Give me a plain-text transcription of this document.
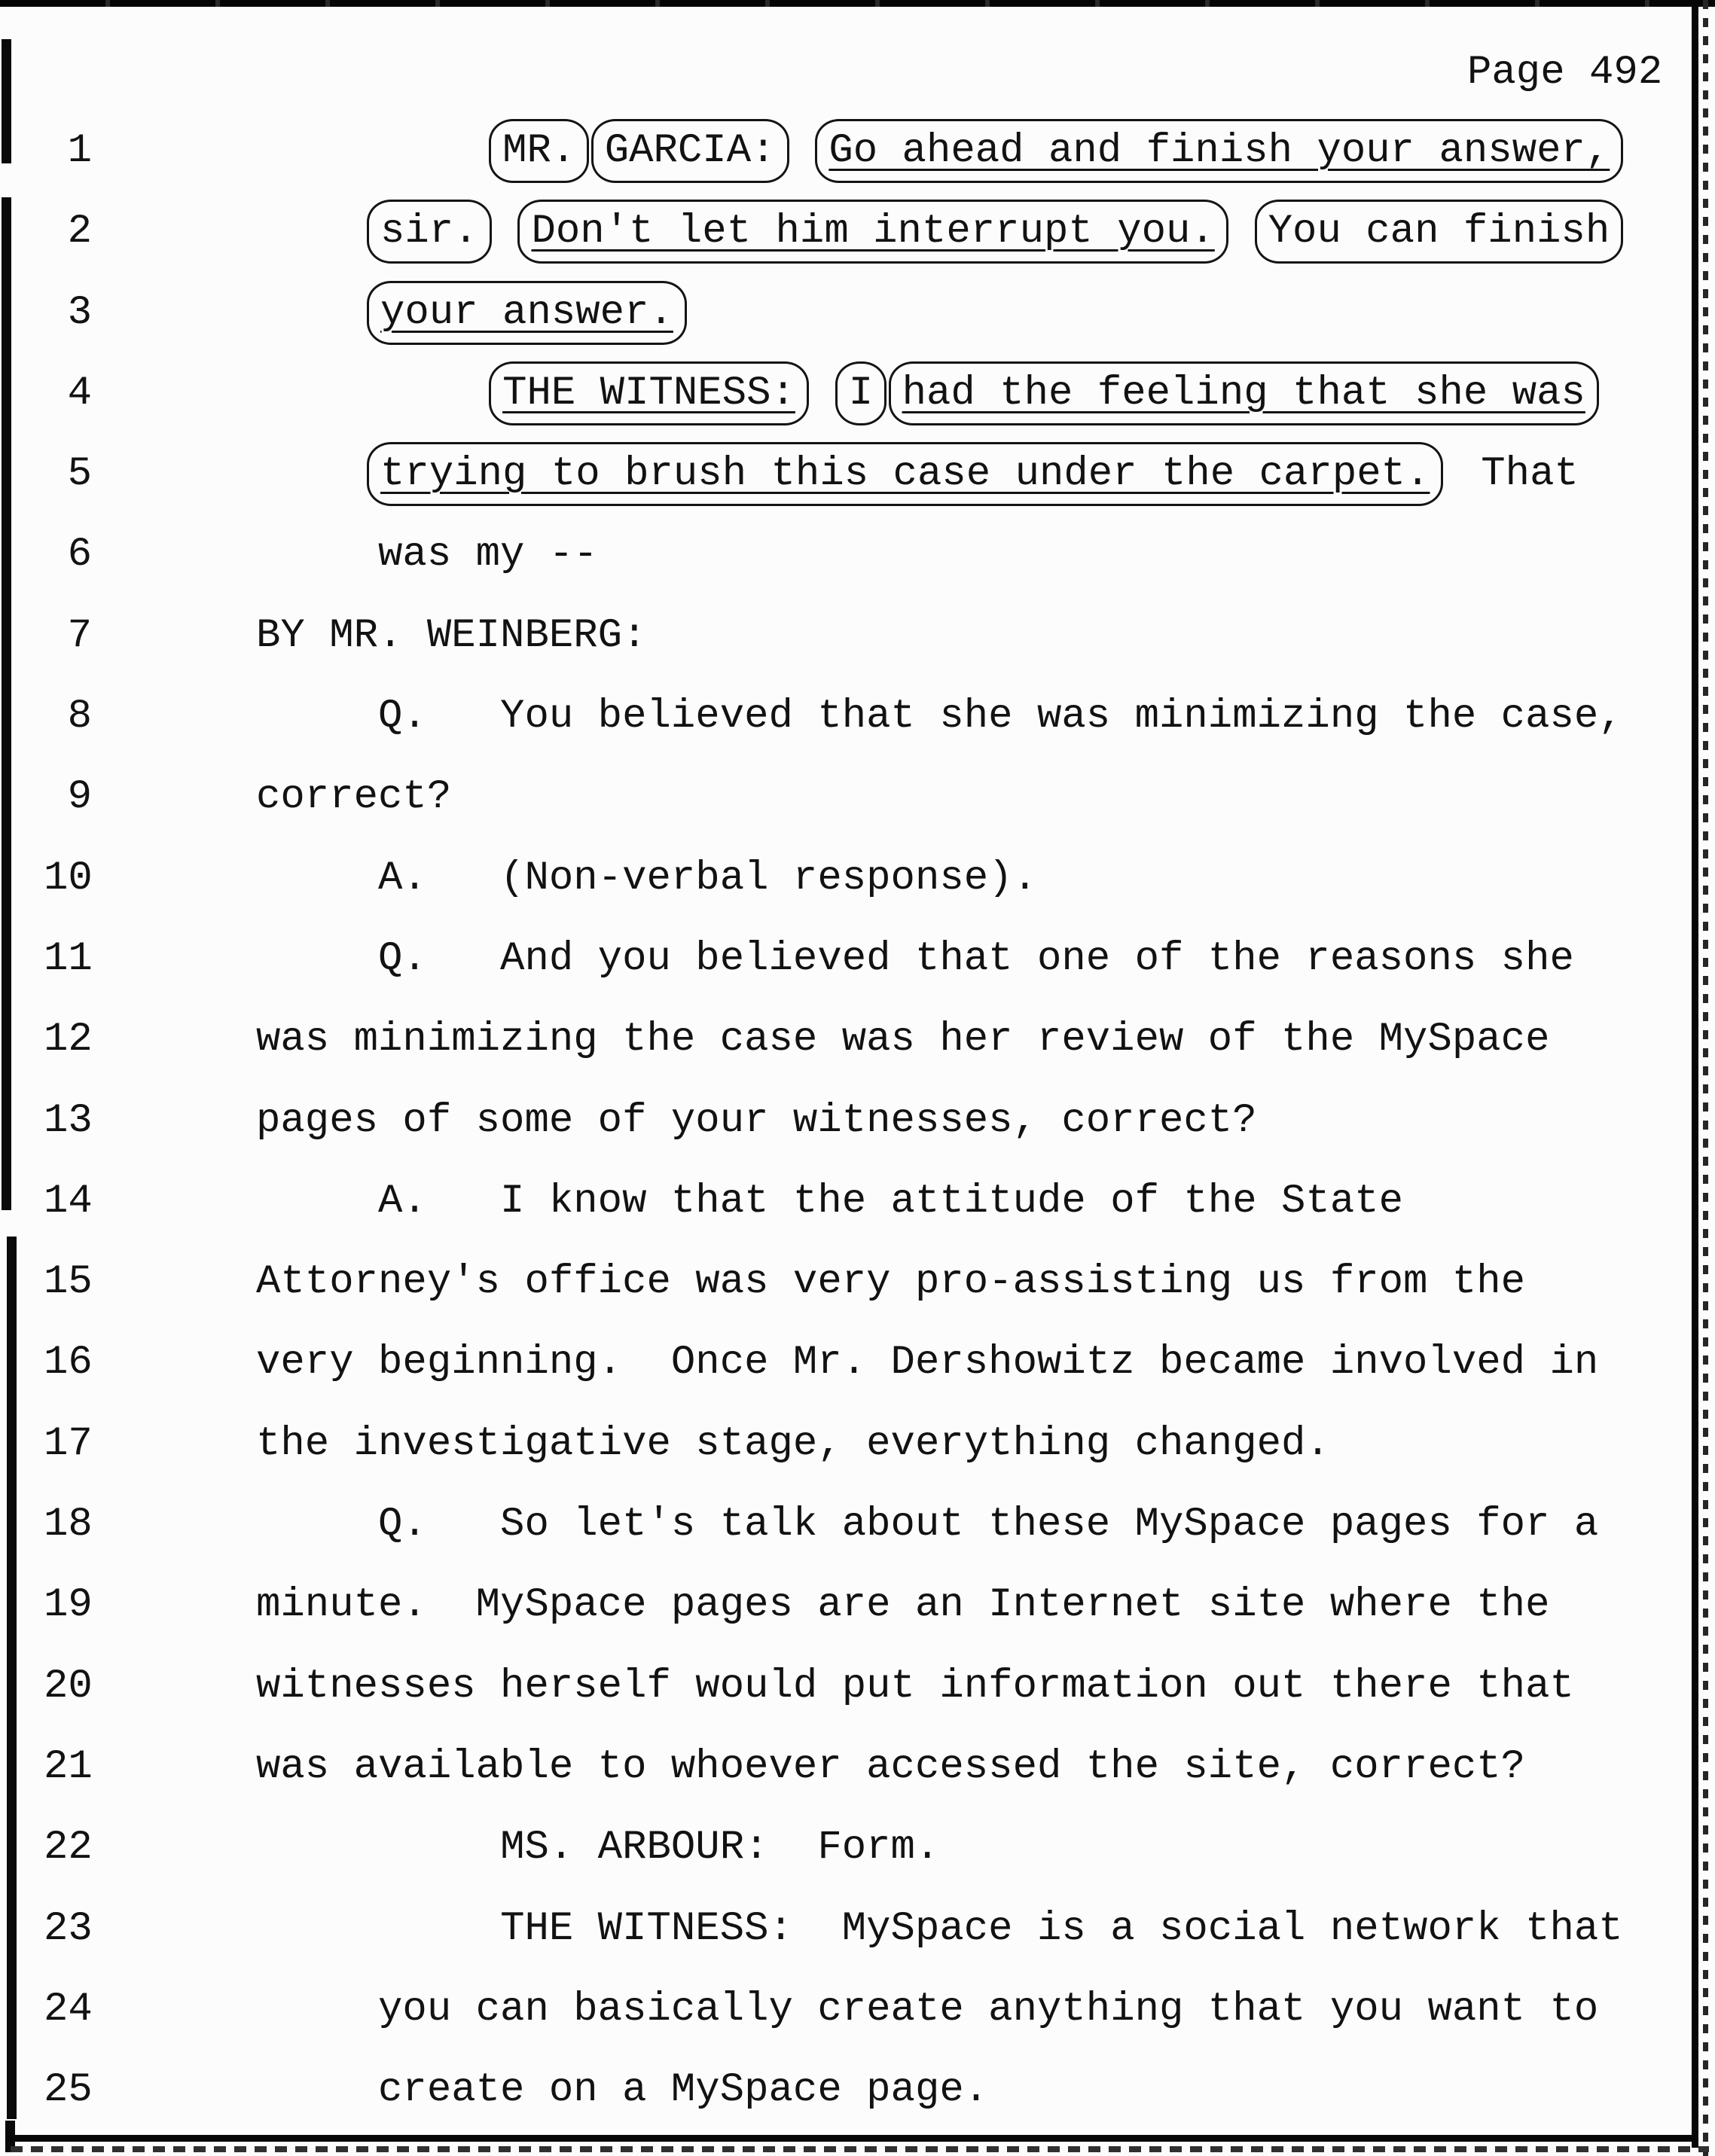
Page 492
1	MR. GARCIA: Go ahead and finish your answer,
2	sir. Don't let him interrupt you. You can finish
3	your answer.
4	THE WITNESS: I had the feeling that she was
5	trying to brush this case under the carpet.  That
6	was my --
7	BY MR. WEINBERG:
8	Q.   You believed that she was minimizing the case,
9	correct?
10	A.   (Non-verbal response).
11	Q.   And you believed that one of the reasons she
12	was minimizing the case was her review of the MySpace
13	pages of some of your witnesses, correct?
14	A.   I know that the attitude of the State
15	Attorney's office was very pro-assisting us from the
16	very beginning.  Once Mr. Dershowitz became involved in
17	the investigative stage, everything changed.
18	Q.   So let's talk about these MySpace pages for a
19	minute.  MySpace pages are an Internet site where the
20	witnesses herself would put information out there that
21	was available to whoever accessed the site, correct?
22	MS. ARBOUR:  Form.
23	THE WITNESS:  MySpace is a social network that
24	you can basically create anything that you want to
25	create on a MySpace page.
